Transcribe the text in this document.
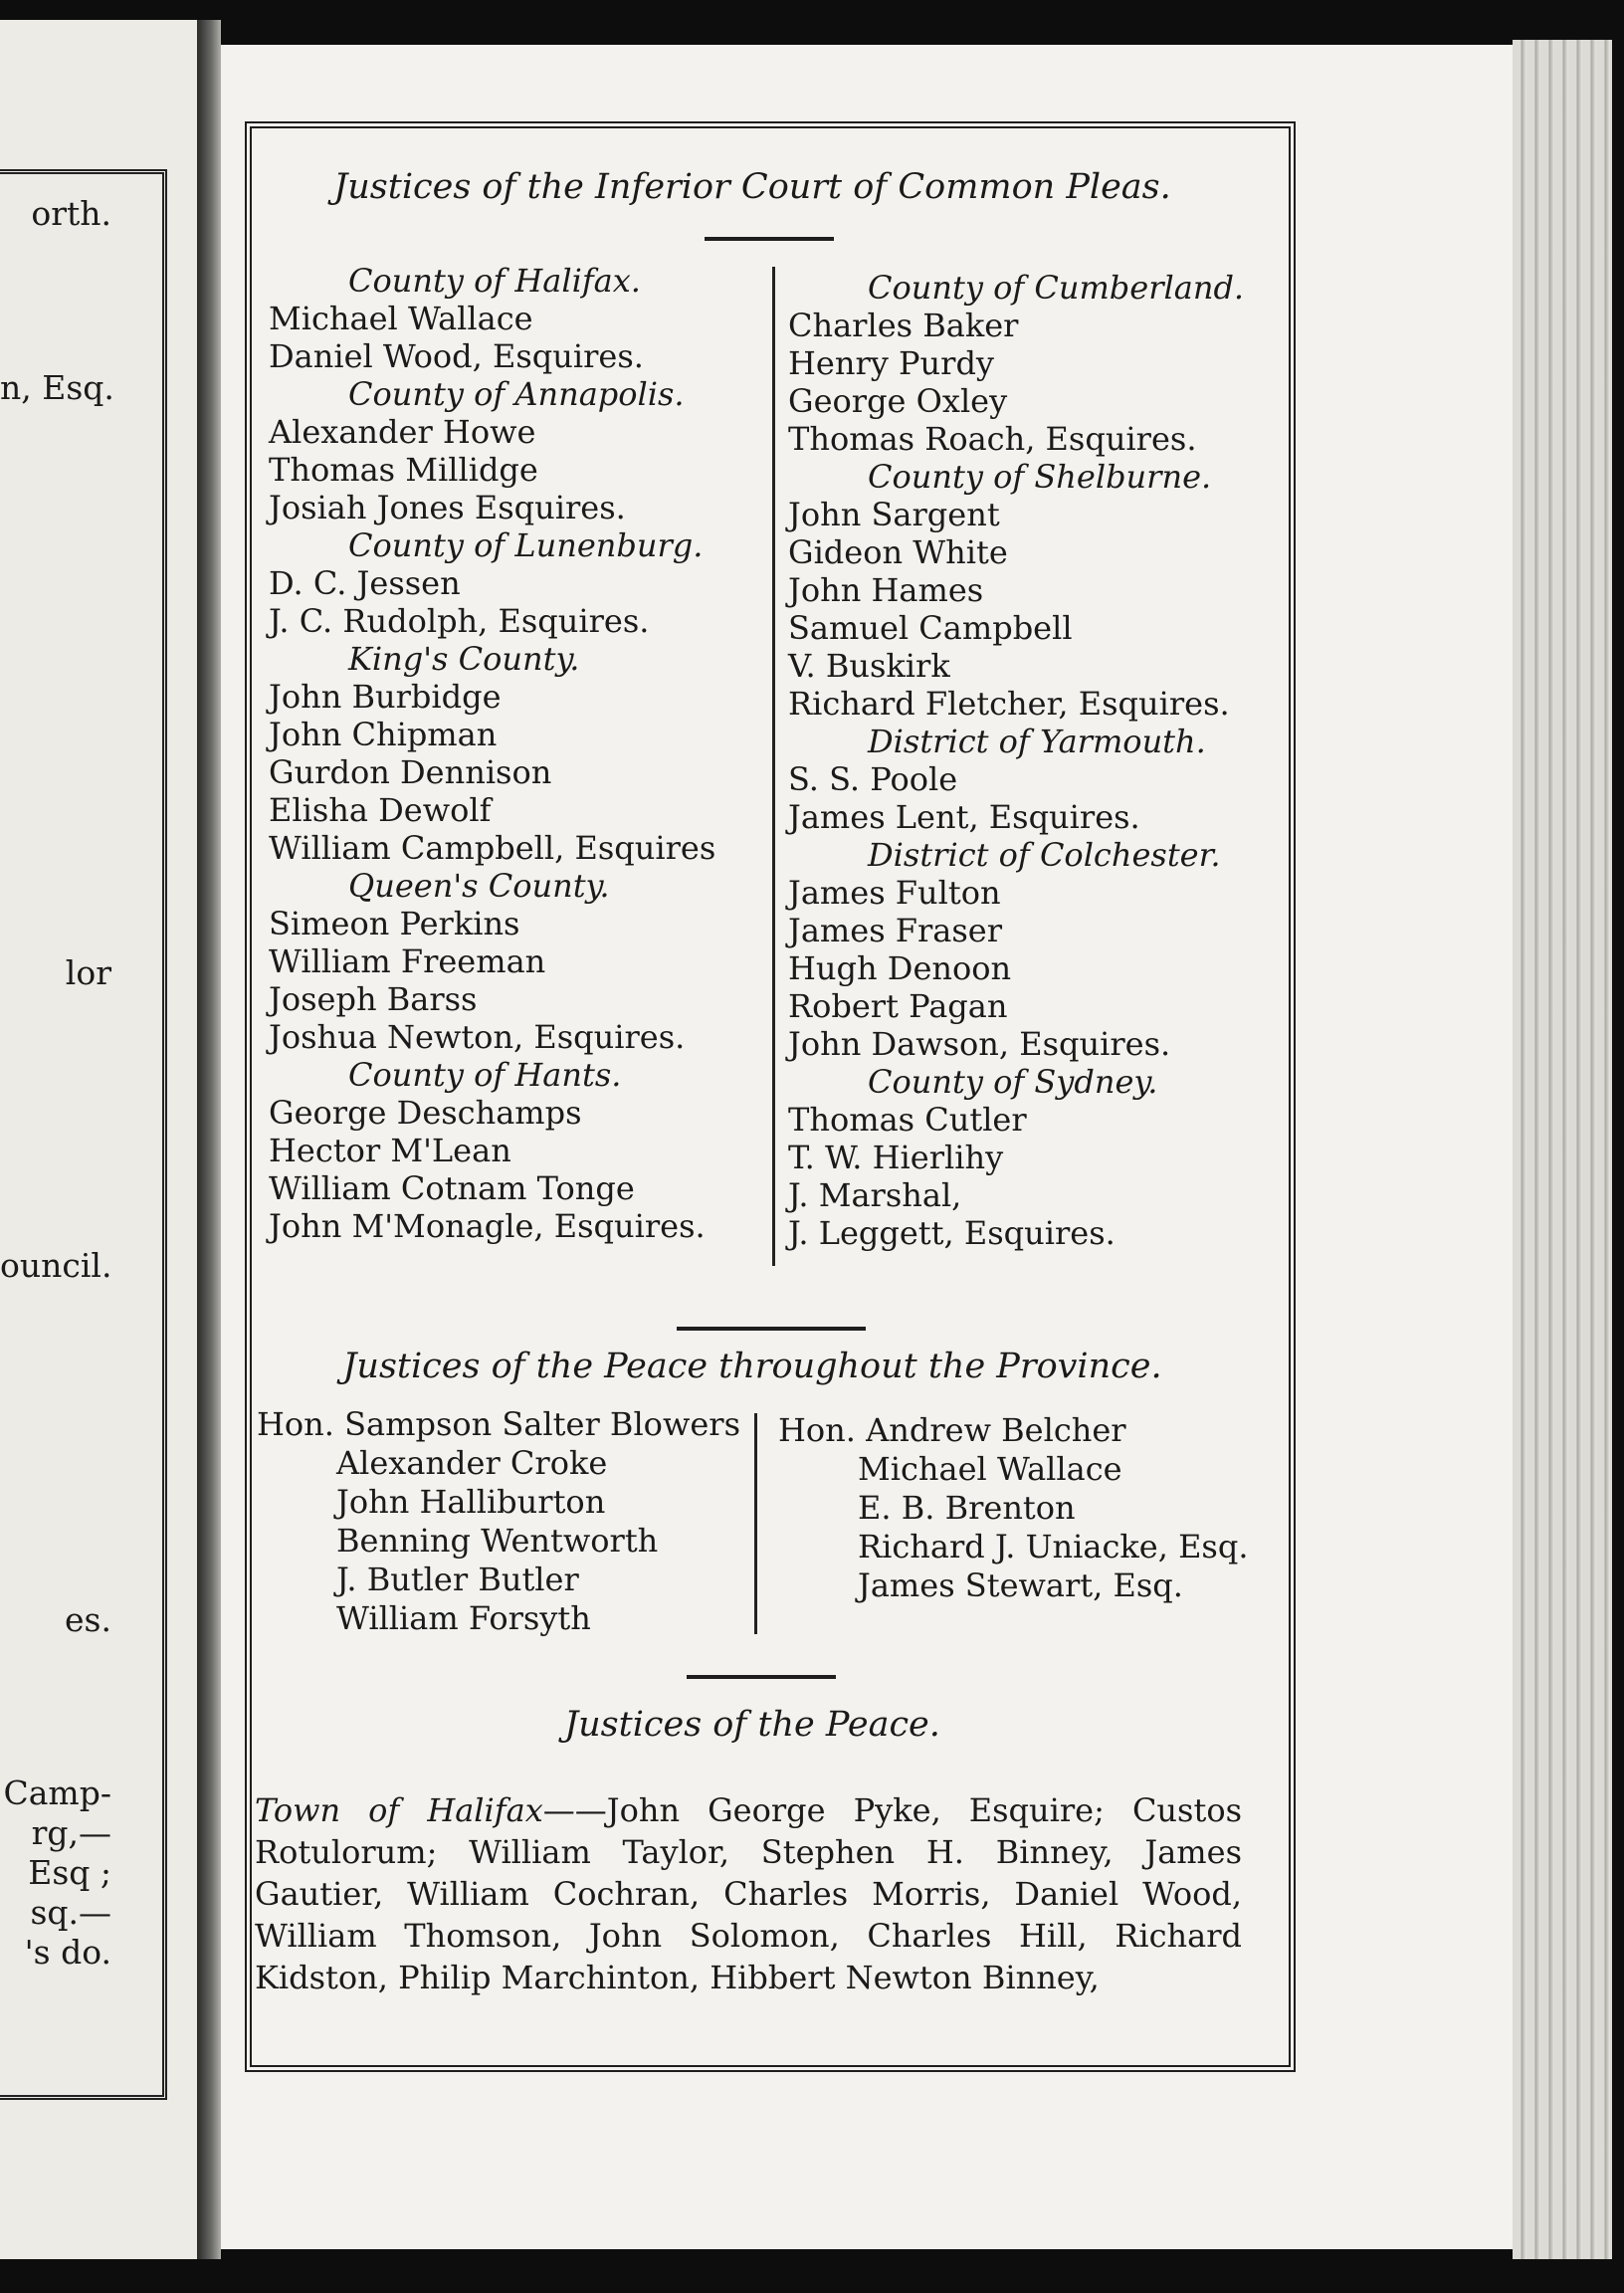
orth.
n, Esq.
lor
ouncil.
es.
Camp-
rg,—
Esq ;
sq.—
's do.
Justices of the Inferior Court of Common Pleas.
County of Halifax.
Michael Wallace
Daniel Wood, Esquires.
County of Annapolis.
Alexander Howe
Thomas Millidge
Josiah Jones Esquires.
County of Lunenburg.
D. C. Jessen
J. C. Rudolph, Esquires.
King's County.
John Burbidge
John Chipman
Gurdon Dennison
Elisha Dewolf
William Campbell, Esquires
Queen's County.
Simeon Perkins
William Freeman
Joseph Barss
Joshua Newton, Esquires.
County of Hants.
George Deschamps
Hector M'Lean
William Cotnam Tonge
John M'Monagle, Esquires.
County of Cumberland.
Charles Baker
Henry Purdy
George Oxley
Thomas Roach, Esquires.
County of Shelburne.
John Sargent
Gideon White
John Hames
Samuel Campbell
V. Buskirk
Richard Fletcher, Esquires.
District of Yarmouth.
S. S. Poole
James Lent, Esquires.
District of Colchester.
James Fulton
James Fraser
Hugh Denoon
Robert Pagan
John Dawson, Esquires.
County of Sydney.
Thomas Cutler
T. W. Hierlihy
J. Marshal,
J. Leggett, Esquires.
Justices of the Peace throughout the Province.
Hon. Sampson Salter Blowers
Alexander Croke
John Halliburton
Benning Wentworth
J. Butler Butler
William Forsyth
Hon. Andrew Belcher
Michael Wallace
E. B. Brenton
Richard J. Uniacke, Esq.
James Stewart, Esq.
Justices of the Peace.
Town of Halifax——John George Pyke, Esquire; Custos Rotulorum; William Taylor, Stephen H. Binney, James Gautier, William Cochran, Charles Morris, Daniel Wood, William Thomson, John Solomon, Charles Hill, Richard Kidston, Philip Marchinton, Hibbert Newton Binney,
